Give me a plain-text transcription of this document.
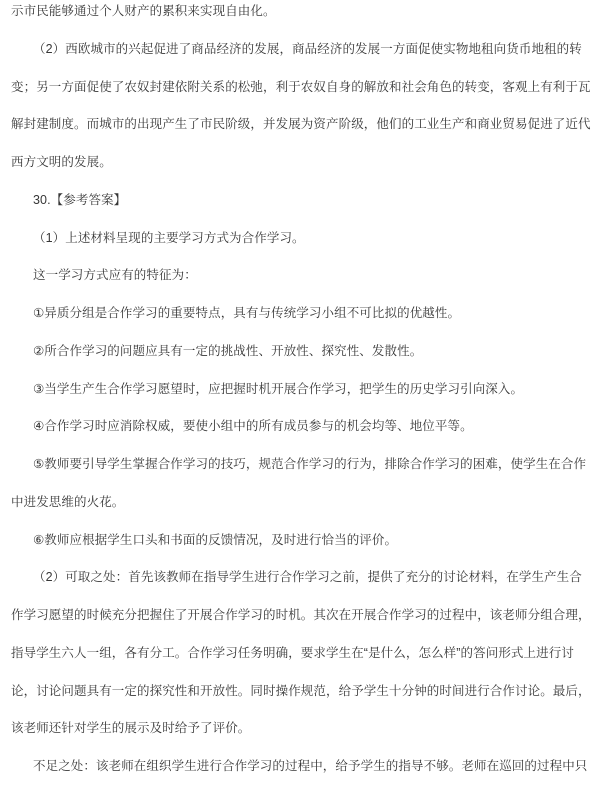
示市民能够通过个人财产的累积来实现自由化。
（2）西欧城市的兴起促进了商品经济的发展，商品经济的发展一方面促使实物地租向货币地租的转
变；另一方面促使了农奴封建依附关系的松弛，利于农奴自身的解放和社会角色的转变，客观上有利于瓦
解封建制度。而城市的出现产生了市民阶级，并发展为资产阶级，他们的工业生产和商业贸易促进了近代
西方文明的发展。
30.【参考答案】
（1）上述材料呈现的主要学习方式为合作学习。
这一学习方式应有的特征为：
①异质分组是合作学习的重要特点，具有与传统学习小组不可比拟的优越性。
②所合作学习的问题应具有一定的挑战性、开放性、探究性、发散性。
③当学生产生合作学习愿望时，应把握时机开展合作学习，把学生的历史学习引向深入。
④合作学习时应消除权威，要使小组中的所有成员参与的机会均等、地位平等。
⑤教师要引导学生掌握合作学习的技巧，规范合作学习的行为，排除合作学习的困难，使学生在合作
中进发思维的火花。
⑥教师应根据学生口头和书面的反馈情况，及时进行恰当的评价。
（2）可取之处：首先该教师在指导学生进行合作学习之前，提供了充分的讨论材料，在学生产生合
作学习愿望的时候充分把握住了开展合作学习的时机。其次在开展合作学习的过程中，该老师分组合理，
指导学生六人一组，各有分工。合作学习任务明确，要求学生在“是什么，怎么样”的答问形式上进行讨
论，讨论问题具有一定的探究性和开放性。同时操作规范，给予学生十分钟的时间进行合作讨论。最后，
该老师还针对学生的展示及时给予了评价。
不足之处：该老师在组织学生进行合作学习的过程中，给予学生的指导不够。老师在巡回的过程中只
